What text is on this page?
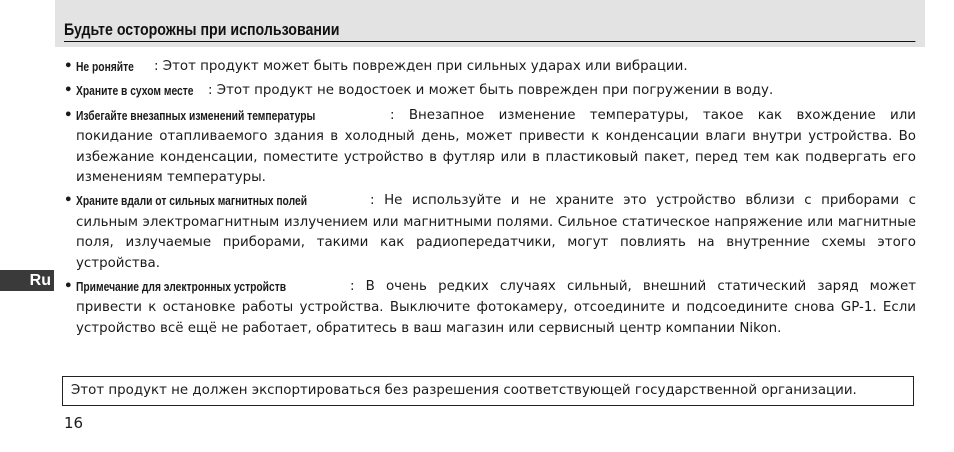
Будьте осторожны при использовании
• Не роняйте : Этот продукт может быть поврежден при сильных ударах или вибрации.
• Храните в сухом месте : Этот продукт не водостоек и может быть поврежден при погружении в воду.
• Избегайте внезапных изменений температуры	: Внезапное изменение температуры, такое как вхождение или покидание отапливаемого здания в холодный день, может привести к конденсации влаги внутри устройства. Во избежание конденсации, поместите устройство в футляр или в пластиковый пакет, перед тем как подвергать его изменениям температуры.
• Храните вдали от сильных магнитных полей	: Не используйте и не храните это устройство вблизи с приборами с сильным электромагнитным излучением или магнитными полями. Сильное статическое напряжение или магнитные поля, излучаемые приборами, такими как радиопередатчики, могут повлиять на внутренние схемы этого устройства.
• Примечание для электронных устройств	: В очень редких случаях сильный, внешний статический заряд может привести к остановке работы устройства. Выключите фотокамеру, отсоедините и подсоедините снова GP-1. Если устройство всё ещё не работает, обратитесь в ваш магазин или сервисный центр компании Nikon.
Ru
Этот продукт не должен экспортироваться без разрешения соответствующей государственной организации.
16
